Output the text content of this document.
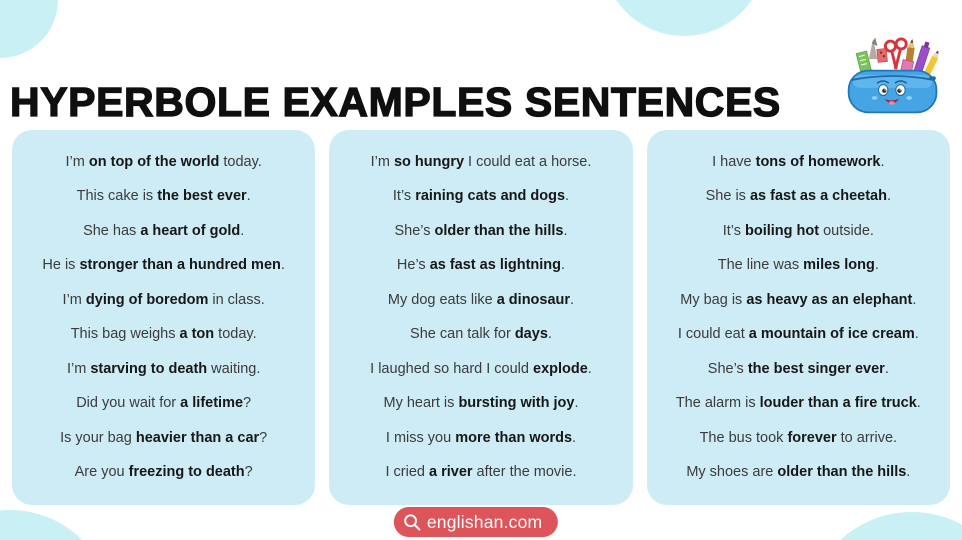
HYPERBOLE EXAMPLES SENTENCES
I’m on top of the world today.
This cake is the best ever.
She has a heart of gold.
He is stronger than a hundred men.
I’m dying of boredom in class.
This bag weighs a ton today.
I’m starving to death waiting.
Did you wait for a lifetime?
Is your bag heavier than a car?
Are you freezing to death?
I’m so hungry I could eat a horse.
It’s raining cats and dogs.
She’s older than the hills.
He’s as fast as lightning.
My dog eats like a dinosaur.
She can talk for days.
I laughed so hard I could explode.
My heart is bursting with joy.
I miss you more than words.
I cried a river after the movie.
I have tons of homework.
She is as fast as a cheetah.
It’s boiling hot outside.
The line was miles long.
My bag is as heavy as an elephant.
I could eat a mountain of ice cream.
She’s the best singer ever.
The alarm is louder than a fire truck.
The bus took forever to arrive.
My shoes are older than the hills.
englishan.com
